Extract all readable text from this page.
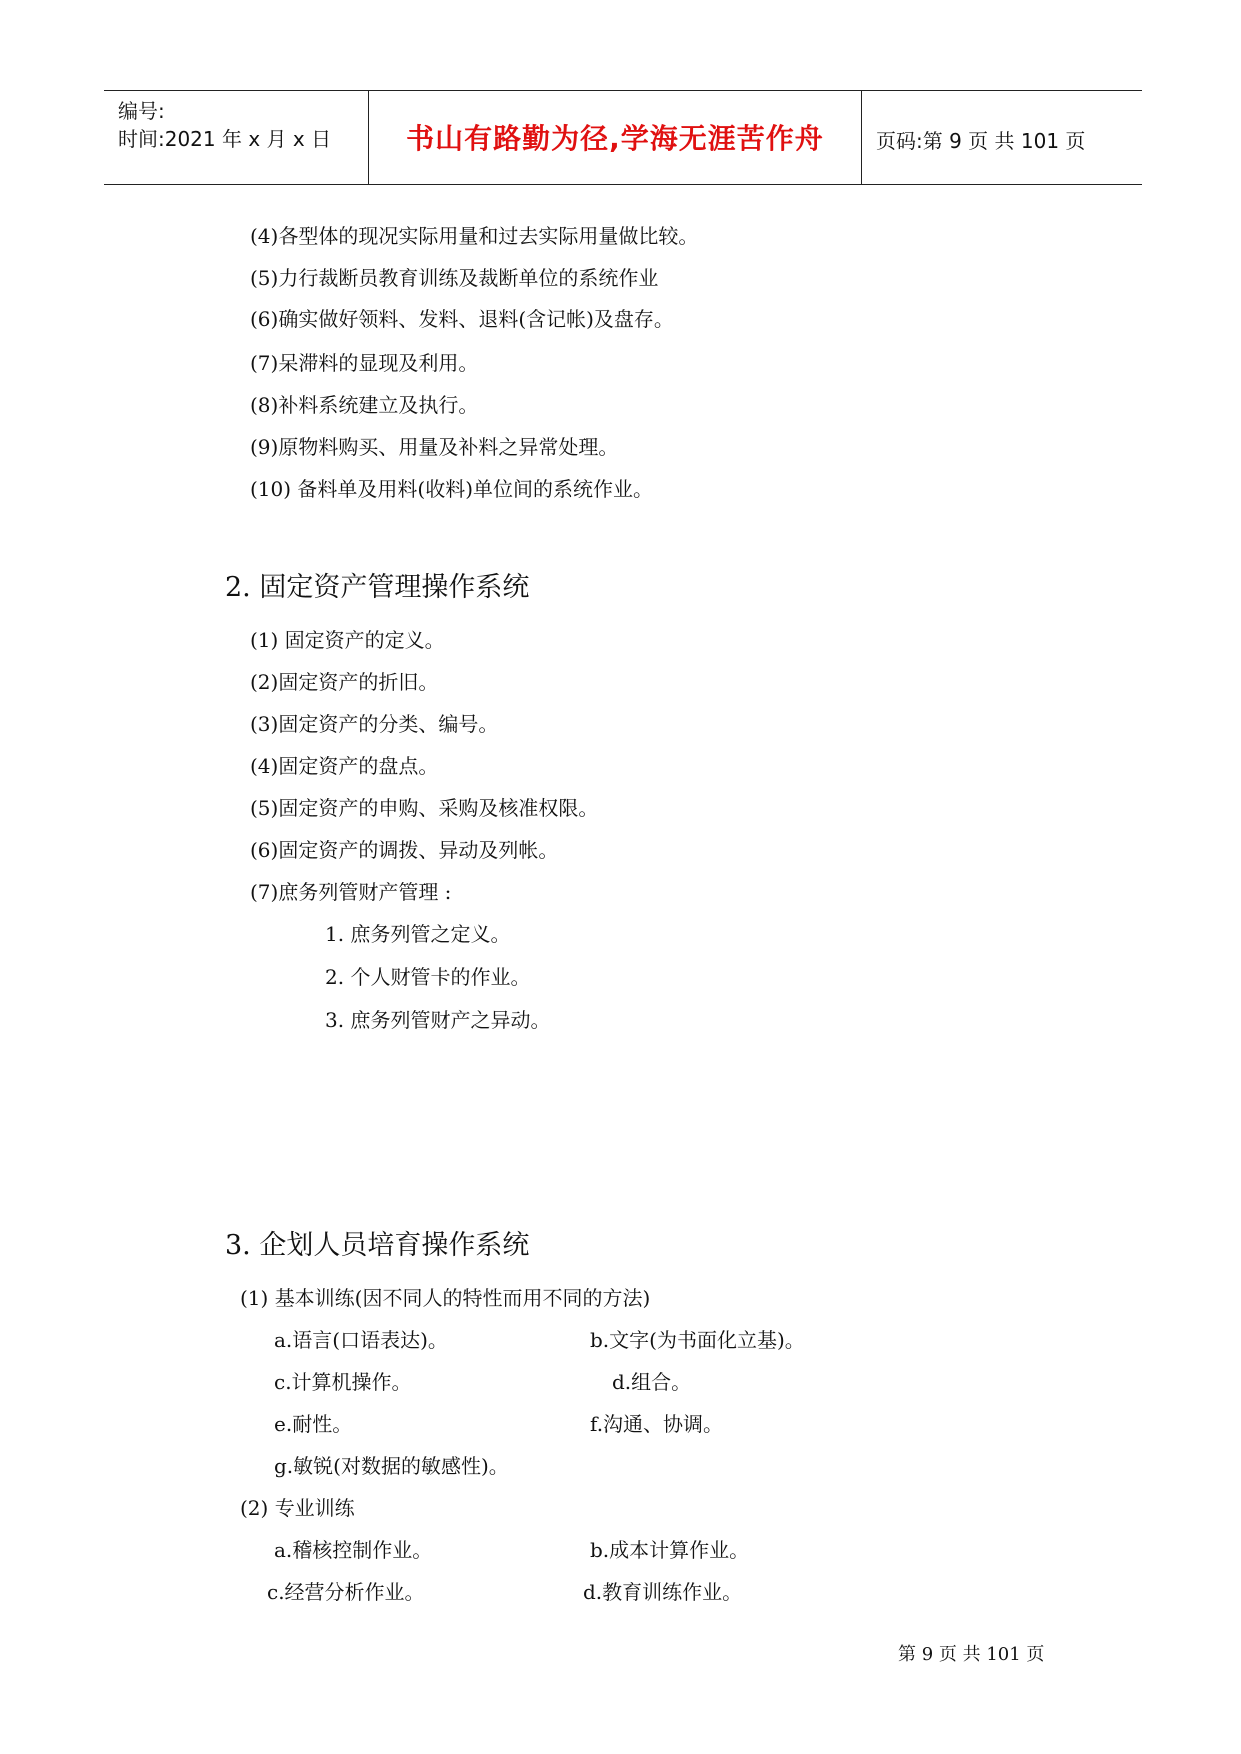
编号:
时间:2021 年 x 月 x 日	书山有路勤为径,学海无涯苦作舟	页码:第 9 页 共 101 页
(4)各型体的现况实际用量和过去实际用量做比较。
(5)力行裁断员教育训练及裁断单位的系统作业
(6)确实做好领料、发料、退料(含记帐)及盘存。
(7)呆滞料的显现及利用。
(8)补料系统建立及执行。
(9)原物料购买、用量及补料之异常处理。
(10) 备料单及用料(收料)单位间的系统作业。
2. 固定资产管理操作系统
(1) 固定资产的定义。
(2)固定资产的折旧。
(3)固定资产的分类、编号。
(4)固定资产的盘点。
(5)固定资产的申购、采购及核准权限。
(6)固定资产的调拨、异动及列帐。
(7)庶务列管财产管理 :
1. 庶务列管之定义。
2. 个人财管卡的作业。
3. 庶务列管财产之异动。
3. 企划人员培育操作系统
(1) 基本训练(因不同人的特性而用不同的方法)
a.语言(口语表达)。	b.文字(为书面化立基)。
c.计算机操作。	d.组合。
e.耐性。	f.沟通、协调。
g.敏锐(对数据的敏感性)。
(2) 专业训练
a.稽核控制作业。	b.成本计算作业。
c.经营分析作业。	d.教育训练作业。
第 9 页 共 101 页
